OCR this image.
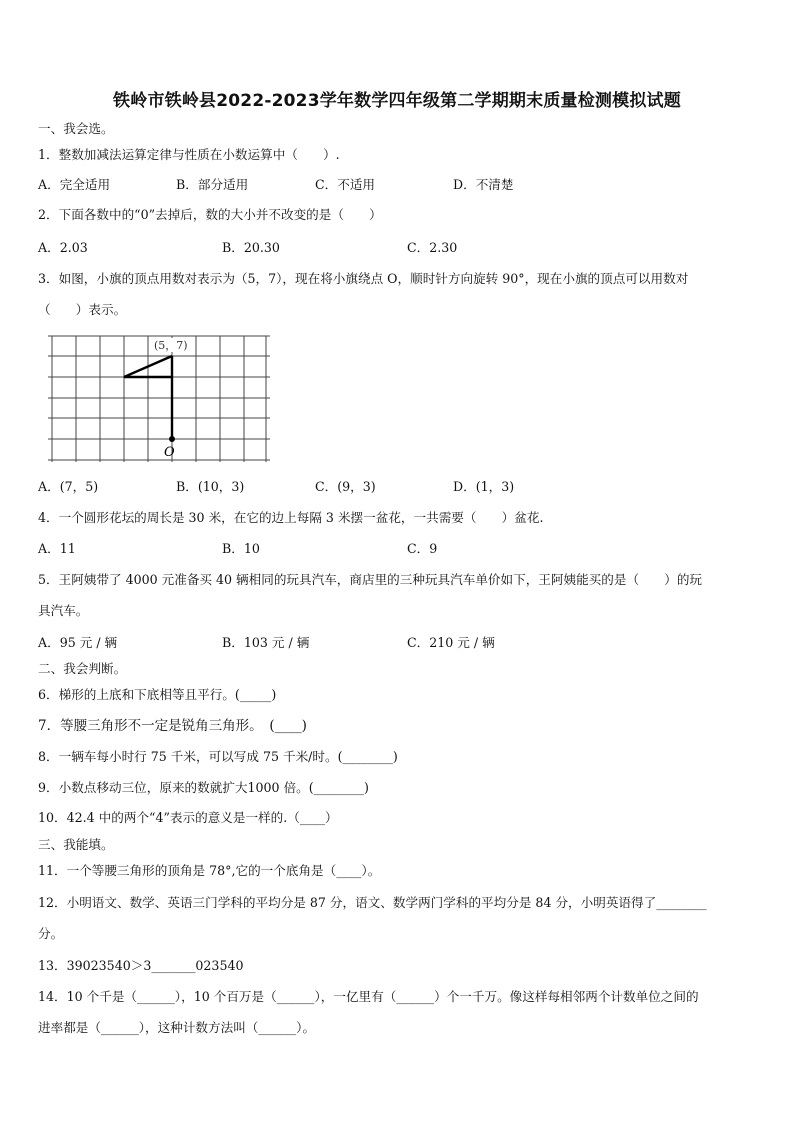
铁岭市铁岭县2022-2023学年数学四年级第二学期期末质量检测模拟试题
一、我会选。
1．整数加减法运算定律与性质在小数运算中（　　）.
A．完全适用	B．部分适用	C．不适用	D．不清楚
2．下面各数中的“0”去掉后，数的大小并不改变的是（　　）
A．2.03	B．20.30	C．2.30
3．如图，小旗的顶点用数对表示为（5，7），现在将小旗绕点 O，顺时针方向旋转 90°，现在小旗的顶点可以用数对
（　　）表示。
(5，7)
O
A．(7，5)	B．(10，3)	C．(9，3)	D．(1，3)
4．一个圆形花坛的周长是 30 米，在它的边上每隔 3 米摆一盆花，一共需要（　　）盆花.
A．11	B．10	C．9
5．王阿姨带了 4000 元准备买 40 辆相同的玩具汽车，商店里的三种玩具汽车单价如下，王阿姨能买的是（　　）的玩
具汽车。
A．95 元 / 辆	B．103 元 / 辆	C．210 元 / 辆
二、我会判断。
6．梯形的上底和下底相等且平行。(_____)
7．等腰三角形不一定是锐角三角形。　(____)
8．一辆车每小时行 75 千米，可以写成 75 千米/时。(________)
9．小数点移动三位，原来的数就扩大1000 倍。(________)
10．42.4 中的两个“4”表示的意义是一样的.（____）
三、我能填。
11．一个等腰三角形的顶角是 78°,它的一个底角是（____）。
12．小明语文、数学、英语三门学科的平均分是 87 分，语文、数学两门学科的平均分是 84 分，小明英语得了________
分。
13．39023540＞3_______023540
14．10 个千是（______），10 个百万是（______），一亿里有（______）个一千万。像这样每相邻两个计数单位之间的
进率都是（______），这种计数方法叫（______）。
